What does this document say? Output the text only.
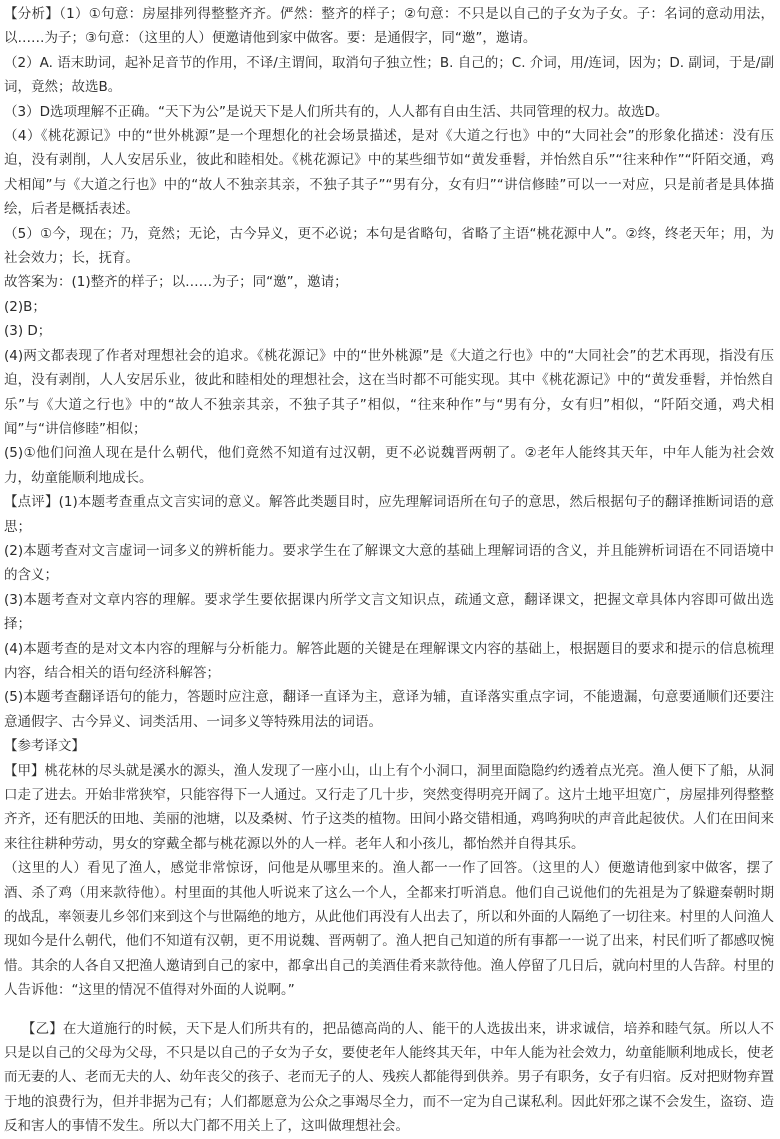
【分析】（1）①句意：房屋排列得整整齐齐。俨然：整齐的样子；②句意：不只是以自己的子女为子女。子：名词的意动用法，以……为子；③句意：（这里的人）便邀请他到家中做客。要：是通假字，同“邀”，邀请。

（2）A. 语末助词，起补足音节的作用，不译/主谓间，取消句子独立性；B. 自己的；C. 介词，用/连词，因为；D. 副词，于是/副词，竟然；故选B。

（3）D选项理解不正确。“天下为公”是说天下是人们所共有的，人人都有自由生活、共同管理的权力。故选D。

（4）《桃花源记》中的“世外桃源”是一个理想化的社会场景描述，是对《大道之行也》中的“大同社会”的形象化描述：没有压迫，没有剥削，人人安居乐业，彼此和睦相处。《桃花源记》中的某些细节如“黄发垂髫，并怡然自乐”“往来种作”“阡陌交通，鸡犬相闻”与《大道之行也》中的“故人不独亲其亲，不独子其子”“男有分，女有归”“讲信修睦”可以一一对应，只是前者是具体描绘，后者是概括表述。

（5）①今，现在；乃，竟然；无论，古今异义，更不必说；本句是省略句，省略了主语“桃花源中人”。②终，终老天年；用，为社会效力；长，抚育。

故答案为：(1)整齐的样子；以……为子；同“邀”，邀请；

(2)B；

(3) D；

(4)两文都表现了作者对理想社会的追求。《桃花源记》中的“世外桃源”是《大道之行也》中的“大同社会”的艺术再现，指没有压迫，没有剥削，人人安居乐业，彼此和睦相处的理想社会，这在当时都不可能实现。其中《桃花源记》中的“黄发垂髫，并怡然自乐”与《大道之行也》中的“故人不独亲其亲，不独子其子”相似，“往来种作”与“男有分，女有归”相似，“阡陌交通，鸡犬相闻”与“讲信修睦”相似；

(5)①他们问渔人现在是什么朝代，他们竟然不知道有过汉朝，更不必说魏晋两朝了。②老年人能终其天年，中年人能为社会效力，幼童能顺利地成长。

【点评】(1)本题考查重点文言实词的意义。解答此类题目时，应先理解词语所在句子的意思，然后根据句子的翻译推断词语的意思；

(2)本题考查对文言虚词一词多义的辨析能力。要求学生在了解课文大意的基础上理解词语的含义，并且能辨析词语在不同语境中的含义；

(3)本题考查对文章内容的理解。要求学生要依据课内所学文言文知识点，疏通文意，翻译课文，把握文章具体内容即可做出选择；

(4)本题考查的是对文本内容的理解与分析能力。解答此题的关键是在理解课文内容的基础上，根据题目的要求和提示的信息梳理内容，结合相关的语句经济科解答；

(5)本题考查翻译语句的能力，答题时应注意，翻译一直译为主，意译为辅，直译落实重点字词，不能遗漏，句意要通顺们还要注意通假字、古今异义、词类活用、一词多义等特殊用法的词语。

【参考译文】

【甲】桃花林的尽头就是溪水的源头，渔人发现了一座小山，山上有个小洞口，洞里面隐隐约约透着点光亮。渔人便下了船，从洞口走了进去。开始非常狭窄，只能容得下一人通过。又行走了几十步，突然变得明亮开阔了。这片土地平坦宽广，房屋排列得整整齐齐，还有肥沃的田地、美丽的池塘，以及桑树、竹子这类的植物。田间小路交错相通，鸡鸣狗吠的声音此起彼伏。人们在田间来来往往耕种劳动，男女的穿戴全都与桃花源以外的人一样。老年人和小孩儿，都怡然并自得其乐。

（这里的人）看见了渔人，感觉非常惊讶，问他是从哪里来的。渔人都一一作了回答。（这里的人）便邀请他到家中做客，摆了酒、杀了鸡（用来款待他）。村里面的其他人听说来了这么一个人，全都来打听消息。他们自己说他们的先祖是为了躲避秦朝时期的战乱，率领妻儿乡邻们来到这个与世隔绝的地方，从此他们再没有人出去了，所以和外面的人隔绝了一切往来。村里的人问渔人现如今是什么朝代，他们不知道有汉朝，更不用说魏、晋两朝了。渔人把自己知道的所有事都一一说了出来，村民们听了都感叹惋惜。其余的人各自又把渔人邀请到自己的家中，都拿出自己的美酒佳肴来款待他。渔人停留了几日后，就向村里的人告辞。村里的人告诉他：“这里的情况不值得对外面的人说啊。”

【乙】在大道施行的时候，天下是人们所共有的，把品德高尚的人、能干的人选拔出来，讲求诚信，培养和睦气氛。所以人不只是以自己的父母为父母，不只是以自己的子女为子女，要使老年人能终其天年，中年人能为社会效力，幼童能顺利地成长，使老而无妻的人、老而无夫的人、幼年丧父的孩子、老而无子的人、残疾人都能得到供养。男子有职务，女子有归宿。反对把财物弃置于地的浪费行为，但并非据为己有；人们都愿意为公众之事竭尽全力，而不一定为自己谋私利。因此奸邪之谋不会发生，盗窃、造反和害人的事情不发生。所以大门都不用关上了，这叫做理想社会。
